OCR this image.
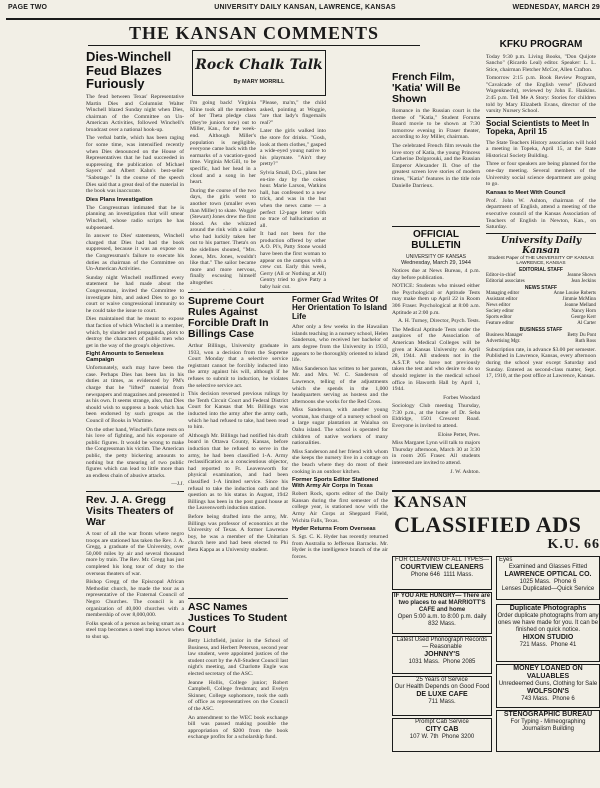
PAGE TWO	UNIVERSITY DAILY KANSAN, LAWRENCE, KANSAS	WEDNESDAY, MARCH 29
THE KANSAN COMMENTS
Dies-Winchell Feud Blazes Furiously

The feud between Texas' Representative Martin Dies and Columnist Walter Winchell blazed Sunday night when Dies, chairman of the Committee on Un-American Activities, followed Winchell's broadcast over a national hook-up.

The verbal battle, which has been raging for some time, was intensified recently when Dies denounced on the House of Representatives that he had succeeded in suppressing the publication of Michael Sayers' and Albert Kahn's best-seller "Sabotage." In the course of the speech Dies said that a great deal of the material in the book was inaccurate.

Dies Plans Investigation

The Congressman intimated that he is planning an investigation that will smear Winchell, whose radio scripts he has subpoenaed.

In answer to Dies' statements, Winchell charged that Dies had had the book suppressed, because it was an expose on the Congressman's failure to execute his duties as chairman of the Committee on Un-American Activities.

Sunday night Winchell reaffirmed every statement he had made about the Congressman, invited the Committee to investigate him, and asked Dies to go to court or waive congressional immunity so he could take the issue to court.

Dies maintained that he meant to expose that faction of which Winchell is a member, which, by slander and propaganda, plots to destroy the characters of public men who get in the way of the group's objectives.

Fight Amounts to Senseless Campaign

Unfortunately, such may have been the case. Perhaps Dies has been lax in his duties at times, as evidenced by PM's charge that he "lifted" material from newspapers and magazines and presented it as his own. It seems strange, also, that Dies should wish to suppress a book which has been endorsed by such groups as the Council of Books in Wartime.

On the other hand, Winchell's fame rests on his love of fighting, and his exposure of public figures. It would be wrong to make the Congressman his victim. The American public, the petty bickering amounts to nothing but the smearing of two public figures which can lead to little more than an endless chain of abusive attacks.

—J.J.
Rev. J. A. Gregg Visits Theaters of War

A tour of all the war fronts where negro troops are stationed has taken the Rev. J. A. Gregg, a graduate of the University, over 50,000 miles by air and several thousand more by train. The Rev. Mr. Gregg has just completed his long tour of duty to the overseas theaters of war.

Bishop Gregg of the Episcopal African Methodist church, he made the tour as a representative of the Fraternal Council of Negro Churches. The council is an organization of 40,000 churches with a membership of over 8,000,000.

Folks speak of a person as being smart as a steel trap becomes a steel trap knows when to shut up.

Rock Chalk Talk
By MARY MORRILL

I'm going back! Virginia Kline took all the members of her Theta pledge class (they're juniors now) out to Miller, Kan., for the week-end. Although Miller's population is negligible, everyone came back with the earmarks of a vacation-good time. Virginia McGill, to be specific, had her head in a cloud and a song in her heart.

During the course of the two days, the girls went to another town (smaller even than Miller) to skate. Woggie (Stewart) Jones drew the first blood. As she whizzed around the rink with a sailor who had luckily taken her out to his partner. Theta's on the sidelines shouted, "Mrs. Jones, Mrs. Jones, wouldn't like that." The sailor became more and more nervous, finally excusing himself altogether.

"Please, ma'm," the child asked, pointing at Woggie, "are that lady's fingernails real?"

Later the girls walked into the store for drinks. "Gosh, look at them clothes," gasped a wide-eyed young native to his playmate. "Ain't they pretty?"

Sylvia Small, D.G., plans her en-tire day by the cokes hour. Marie Larson, Watkins hall, has confessed to a new trick, and was in the hut when the news came — a perfect 12-page letter with no trace of hallucination at all.

It had not been for the production offered by other A.O. Pi's, Patty Stone would have been the first woman to appear on the campus with a crew cut. Early this week, Gerry (All or Nothing at All) Gentry tried to give Patty a baby hair cut.

Supreme Court Rules Against Forcible Draft In Billings Case

Arthur Billings, University graduate in 1933, won a decision from the Supreme Court Monday that a selective service registrant cannot be forcibly inducted into the army against his will, although if he refuses to submit to induction, he violates the selective service act.

This decision reversed previous rulings by the Tenth Circuit Court and Federal District Court for Kansas that Mr. Billings was inducted into the army after the army oath, which he had refused to take, had been read to him.

Although Mr. Billings had notified his draft board in Ottawa County, Kansas, before induction that he refused to serve in the army, he had been classified 1-A. Army reclassification as a conscientious objector, had reported to Ft. Leavenworth for physical examination, and had been classified 1-A limited service. Since his refusal to take the induction oath and the question as to his status in August, 1942 Billings has been in the post guard house at the Leavenworth induction station.

Before being drafted into the army, Mr. Billings was professor of economics at the University of Texas. A former Lawrence boy, he was a member of the Unitarian church here and had been elected to Phi Beta Kappa as a University student.

ASC Names Justices To Student Court

Betty Lichtfield, junior in the School of Business, and Herbert Peterson, second year law student, were appointed justices of the student court by the All-Student Council last night's meeting, and Charlotte Engle was elected secretary of the ASC.

Jeanne Hollis, College junior; Robert Campbell, College freshman; and Evelyn Skinner, College sophomore, took the oath of office as representatives on the Council of the ASC.

An amendment to the WEC book exchange bill was passed making possible the appropriation of $200 from the book exchange profits for a scholarship fund.

Former Grad Writes Of Her Orientation To Island Life

After only a few weeks in the Hawaiian islands teaching in a nursery school, Helen Sanderson, who received her bachelor of arts degree from the University in 1933, appears to be thoroughly oriented to island life.

Miss Sanderson has written to her parents, Mr. and Mrs. W. C. Sanderson of Lawrence, telling of the adjustments which she spends in the 1,000 headquarters serving as hostess and the afternoons she works for the Red Cross.

Miss Sanderson, with another young woman, has charge of a nursery school on a large sugar plantation at Waialua on Oahu island. The school is operated for children of native workers of many nationalities.

Miss Sanderson and her friend with whom she keeps the nursery live in a cottage on the beach where they do most of their cooking in an outdoor kitchen.

Former Sports Editor Stationed With Army Air Corps in Texas

Robert Rock, sports editor of the Daily Kansan during the first semester of the college year, is stationed now with the Army Air Corps at Sheppard Field, Wichita Falls, Texas.

Hyder Returns From Overseas

S. Sgt. C. K. Hyder has recently returned from Australia to Jefferson Barracks. Mr. Hyder is the intelligence branch of the air forces.

French Film, 'Katia' Will Be Shown

Romance in the Russian court is the theme of "Katia," Student Forums Board movie to be shown at 7:30 tomorrow evening in Fraser theater, according to Joy Miller, chairman.

The celebrated French film reveals the love story of Katia, the young Princess Catherine Dolgorouki, and the Russian Emperor Alexander II. One of the greatest screen love stories of modern times, "Katia" features in the title role Danielle Darrieux.

OFFICIAL BULLETIN
UNIVERSITY OF KANSAS
Wednesday, March 29, 1944

Notices due at News Bureau, 4 p.m. day before publication.

NOTICE: Students who missed either the Psychological or Aptitude Tests may make them up April 22 in Room 306 Fraser. Psychological at 8:00 a.m. Aptitude at 2:00 p.m.

A. H. Turney, Director, Psych. Tests.

The Medical Aptitude Tests under the auspices of the Association of American Medical Colleges will be given at Kansas University on April 28, 1944. All students not in the A.S.T.P. who have not previously taken the test and who desire to do so should register in the medical school office in Haworth Hall by April 1, 1944.

Forbes Woodard

Sociology Club meeting Thursday, 7:30 p.m., at the home of Dr. Seba Eldridge, 1501 Crescent Road. Everyone is invited to attend.

Eloise Pettet, Pres.

Miss Margaret Lynn will talk to majors Thursday afternoon, March 30 at 3:30 in room 205 Fraser. All students interested are invited to attend.

J. W. Ashton.
KFKU PROGRAM

Today 9:30 p.m. Living Books, "Don Quijote Sancho" (Ricardo Leal) editor. Speaker: L. L. Stice, chairman Fletcher McCor, Allen Crafton.

Tomorrow 2:15 p.m. Book Review Program, "Cavalcade of the English verse" (Edward Wagenknecht), reviewed by John E. Hankins. 2:45 p.m. Tell Me A Story: Stories for children told by Mary Elizabeth Evans, director of the varsity Nursery School.

Social Scientists to Meet In Topeka, April 15

The State Teachers History association will hold a meeting in Topeka, April 15, at the State Historical Society Building.

Three or four speakers are being planned for the one-day meeting. Several members of the University social science department are going to go.

Kansas to Meet With Council

Prof. John W. Ashton, chairman of the department of English, attend a meeting of the executive council of the Kansas Association of Teachers of English in Newton, Kan., on Saturday.

University Daily Kansan
Student Paper of THE UNIVERSITY OF KANSAS
LAWRENCE, KANSAS
EDITORIAL STAFF
Editor-in-chief	Jeanne Shown
Editorial associates	Jean Jeckins
NEWS STAFF
Managing editor	Anne Louise Roberts
Assistant editor	Jimmie McMinn
News editor	Jeanne Melland
Society editor	Nancy Horn
Sports editor	George Kerr
Feature editor	Al Carter
BUSINESS STAFF
Business Manager	Betty Du Pont
Advertising Mgr.	Ruth Ross

Subscription rate, in advance $3.00 per semester. Published in Lawrence, Kansas, every afternoon during the school year except Saturday and Sunday. Entered as second-class matter, Sept. 17, 1910, at the post office at Lawrence, Kansas.

KANSAN
CLASSIFIED ADS
K.U. 66
FOR CLEANING OF ALL TYPES—
COURTVIEW CLEANERS
Phone 646 1111 Mass.
IF YOU ARE HUNGRY— There are two places to eat MARRIOTT'S CAFE and home
Open 5:00 a.m. to 8:00 p.m. daily
832 Mass.
Latest Used Phonograph Records — Reasonable
JOHNNY'S
1031 Mass. Phone 2085
25 Years of Service
Our Health Depends on Good Food
DE LUXE CAFE
711 Mass.
Prompt Cab Service
CITY CAB
107 W. 7th Phone 3200
Eyes
Examined and Glasses Fitted
LAWRENCE OPTICAL CO.
1025 Mass. Phone 6
Lenses Duplicated—Quick Service
Duplicate Photographs
Order duplicate photographs from any ones we have made for you. It can be finished on quick notice.
HIXON STUDIO
721 Mass. Phone 41
MONEY LOANED ON VALUABLES
Unredeemed Guns, Clothing for Sale
WOLFSON'S
743 Mass. Phone 6
STENOGRAPHIC BUREAU
For Typing - Mimeographing Journalism Building
